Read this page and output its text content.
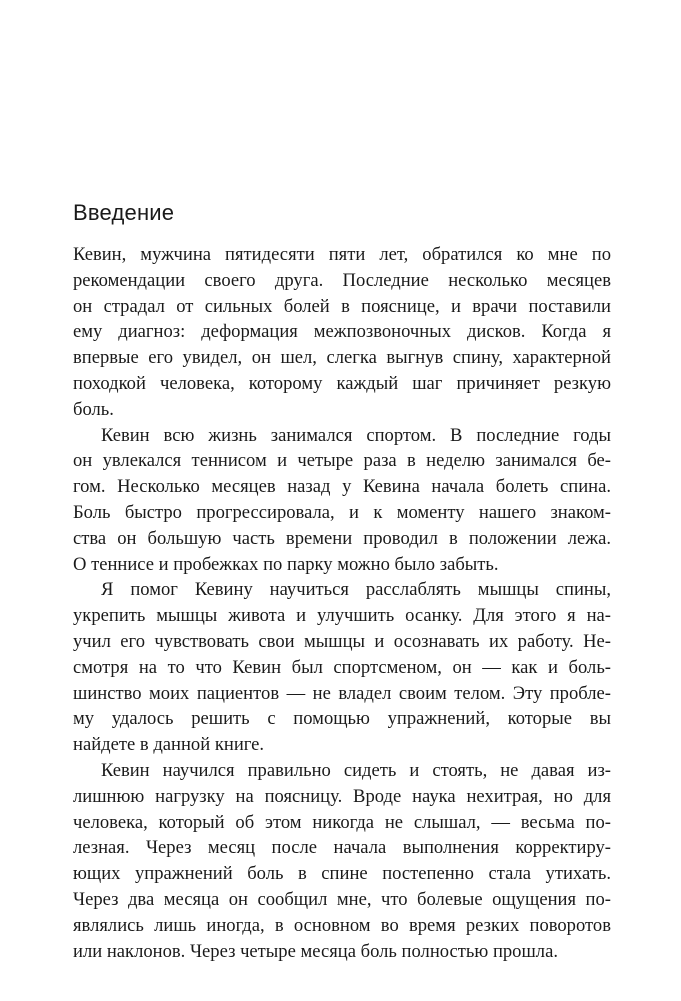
Введение
Кевин, мужчина пятидесяти пяти лет, обратился ко мне по
рекомендации своего друга. Последние несколько месяцев
он страдал от сильных болей в пояснице, и врачи поставили
ему диагноз: деформация межпозвоночных дисков. Когда я
впервые его увидел, он шел, слегка выгнув спину, характерной
походкой человека, которому каждый шаг причиняет резкую
боль.
Кевин всю жизнь занимался спортом. В последние годы
он увлекался теннисом и четыре раза в неделю занимался бе-
гом. Несколько месяцев назад у Кевина начала болеть спина.
Боль быстро прогрессировала, и к моменту нашего знаком-
ства он большую часть времени проводил в положении лежа.
О теннисе и пробежках по парку можно было забыть.
Я помог Кевину научиться расслаблять мышцы спины,
укрепить мышцы живота и улучшить осанку. Для этого я на-
учил его чувствовать свои мышцы и осознавать их работу. Не-
смотря на то что Кевин был спортсменом, он — как и боль-
шинство моих пациентов — не владел своим телом. Эту пробле-
му удалось решить с помощью упражнений, которые вы
найдете в данной книге.
Кевин научился правильно сидеть и стоять, не давая из-
лишнюю нагрузку на поясницу. Вроде наука нехитрая, но для
человека, который об этом никогда не слышал, — весьма по-
лезная. Через месяц после начала выполнения корректиру-
ющих упражнений боль в спине постепенно стала утихать.
Через два месяца он сообщил мне, что болевые ощущения по-
являлись лишь иногда, в основном во время резких поворотов
или наклонов. Через четыре месяца боль полностью прошла.
